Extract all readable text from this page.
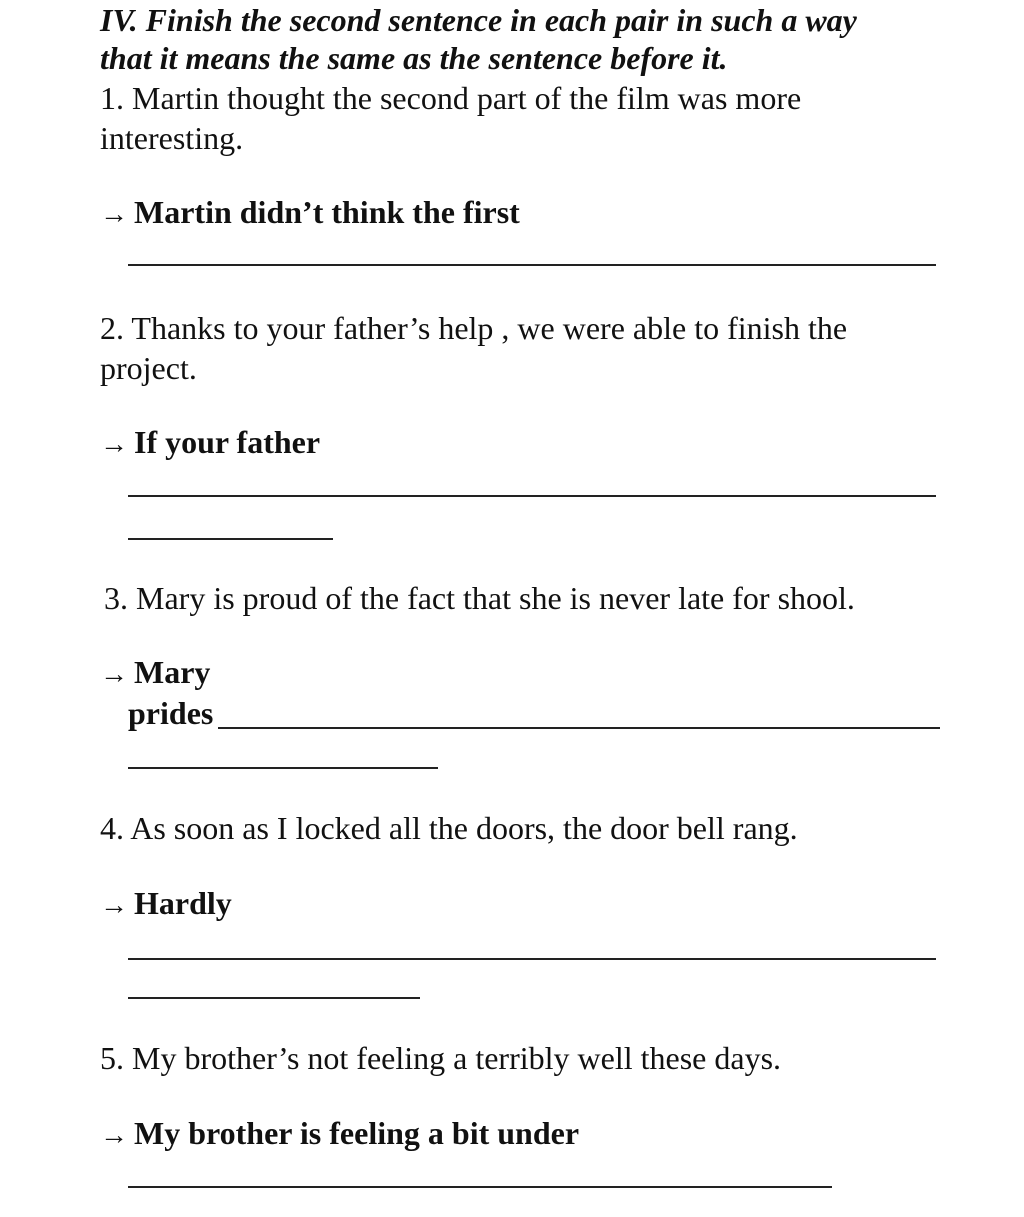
IV. Finish the second sentence in each pair in such a way
that it means the same as the sentence before it.
1. Martin thought the second part of the film was more
interesting.
→ Martin didn’t think the first
2. Thanks to your father’s help , we were able to finish the
project.
→ If your father
3. Mary is proud of the fact that she is never late for shool.
→ Mary
prides
4. As soon as I locked all the doors, the door bell rang.
→ Hardly
5. My brother’s not feeling a terribly well these days.
→ My brother is feeling a bit under
